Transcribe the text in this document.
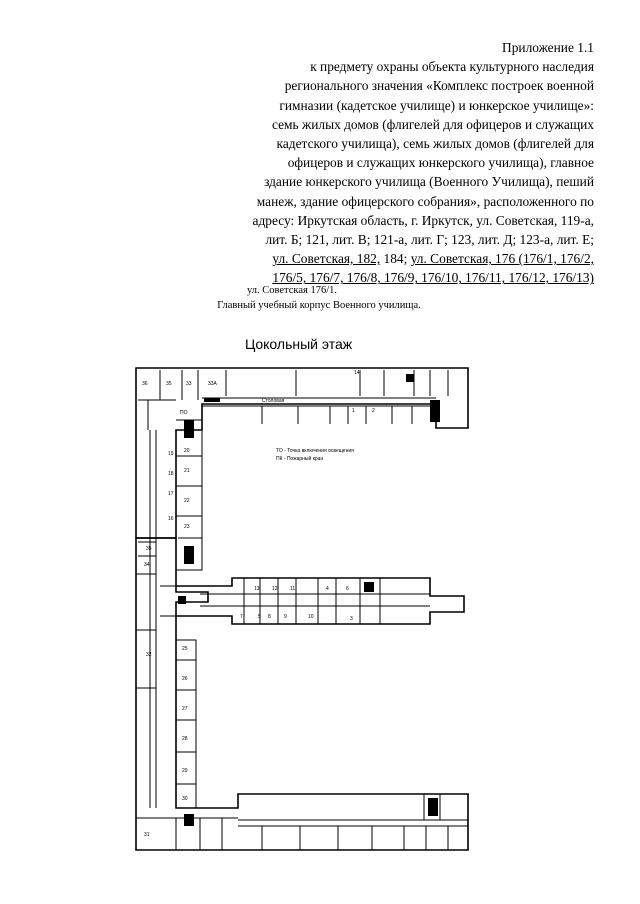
Приложение 1.1
к предмету охраны объекта культурного наследия
регионального значения «Комплекс построек военной
гимназии (кадетское училище) и юнкерское училище»:
семь жилых домов (флигелей для офицеров и служащих
кадетского училища), семь жилых домов (флигелей для
офицеров и служащих юнкерского училища), главное
здание юнкерского училища (Военного Училища), пеший
манеж, здание офицерского собрания», расположенного по
адресу: Иркутская область, г. Иркутск, ул. Советская, 119-а,
лит. Б; 121, лит. В; 121-а, лит. Г; 123, лит. Д; 123-а, лит. Е;
ул. Советская, 182, 184; ул. Советская, 176 (176/1, 176/2,
176/5, 176/7, 176/8, 176/9, 176/10, 176/11, 176/12, 176/13)
ул. Советская 176/1.
Главный учебный корпус Военного училища.
Цокольный этаж
36	35	33	33А
1	2
Столовая
ПО
19
18
17
16
20
21
22
23
24
35
34
32
5
7	8	9	10	3
13 12 11	6
4
25
26
27
28
29
30
31
14
ТО - Точка включения освещения
ПК - Пожарный кран
